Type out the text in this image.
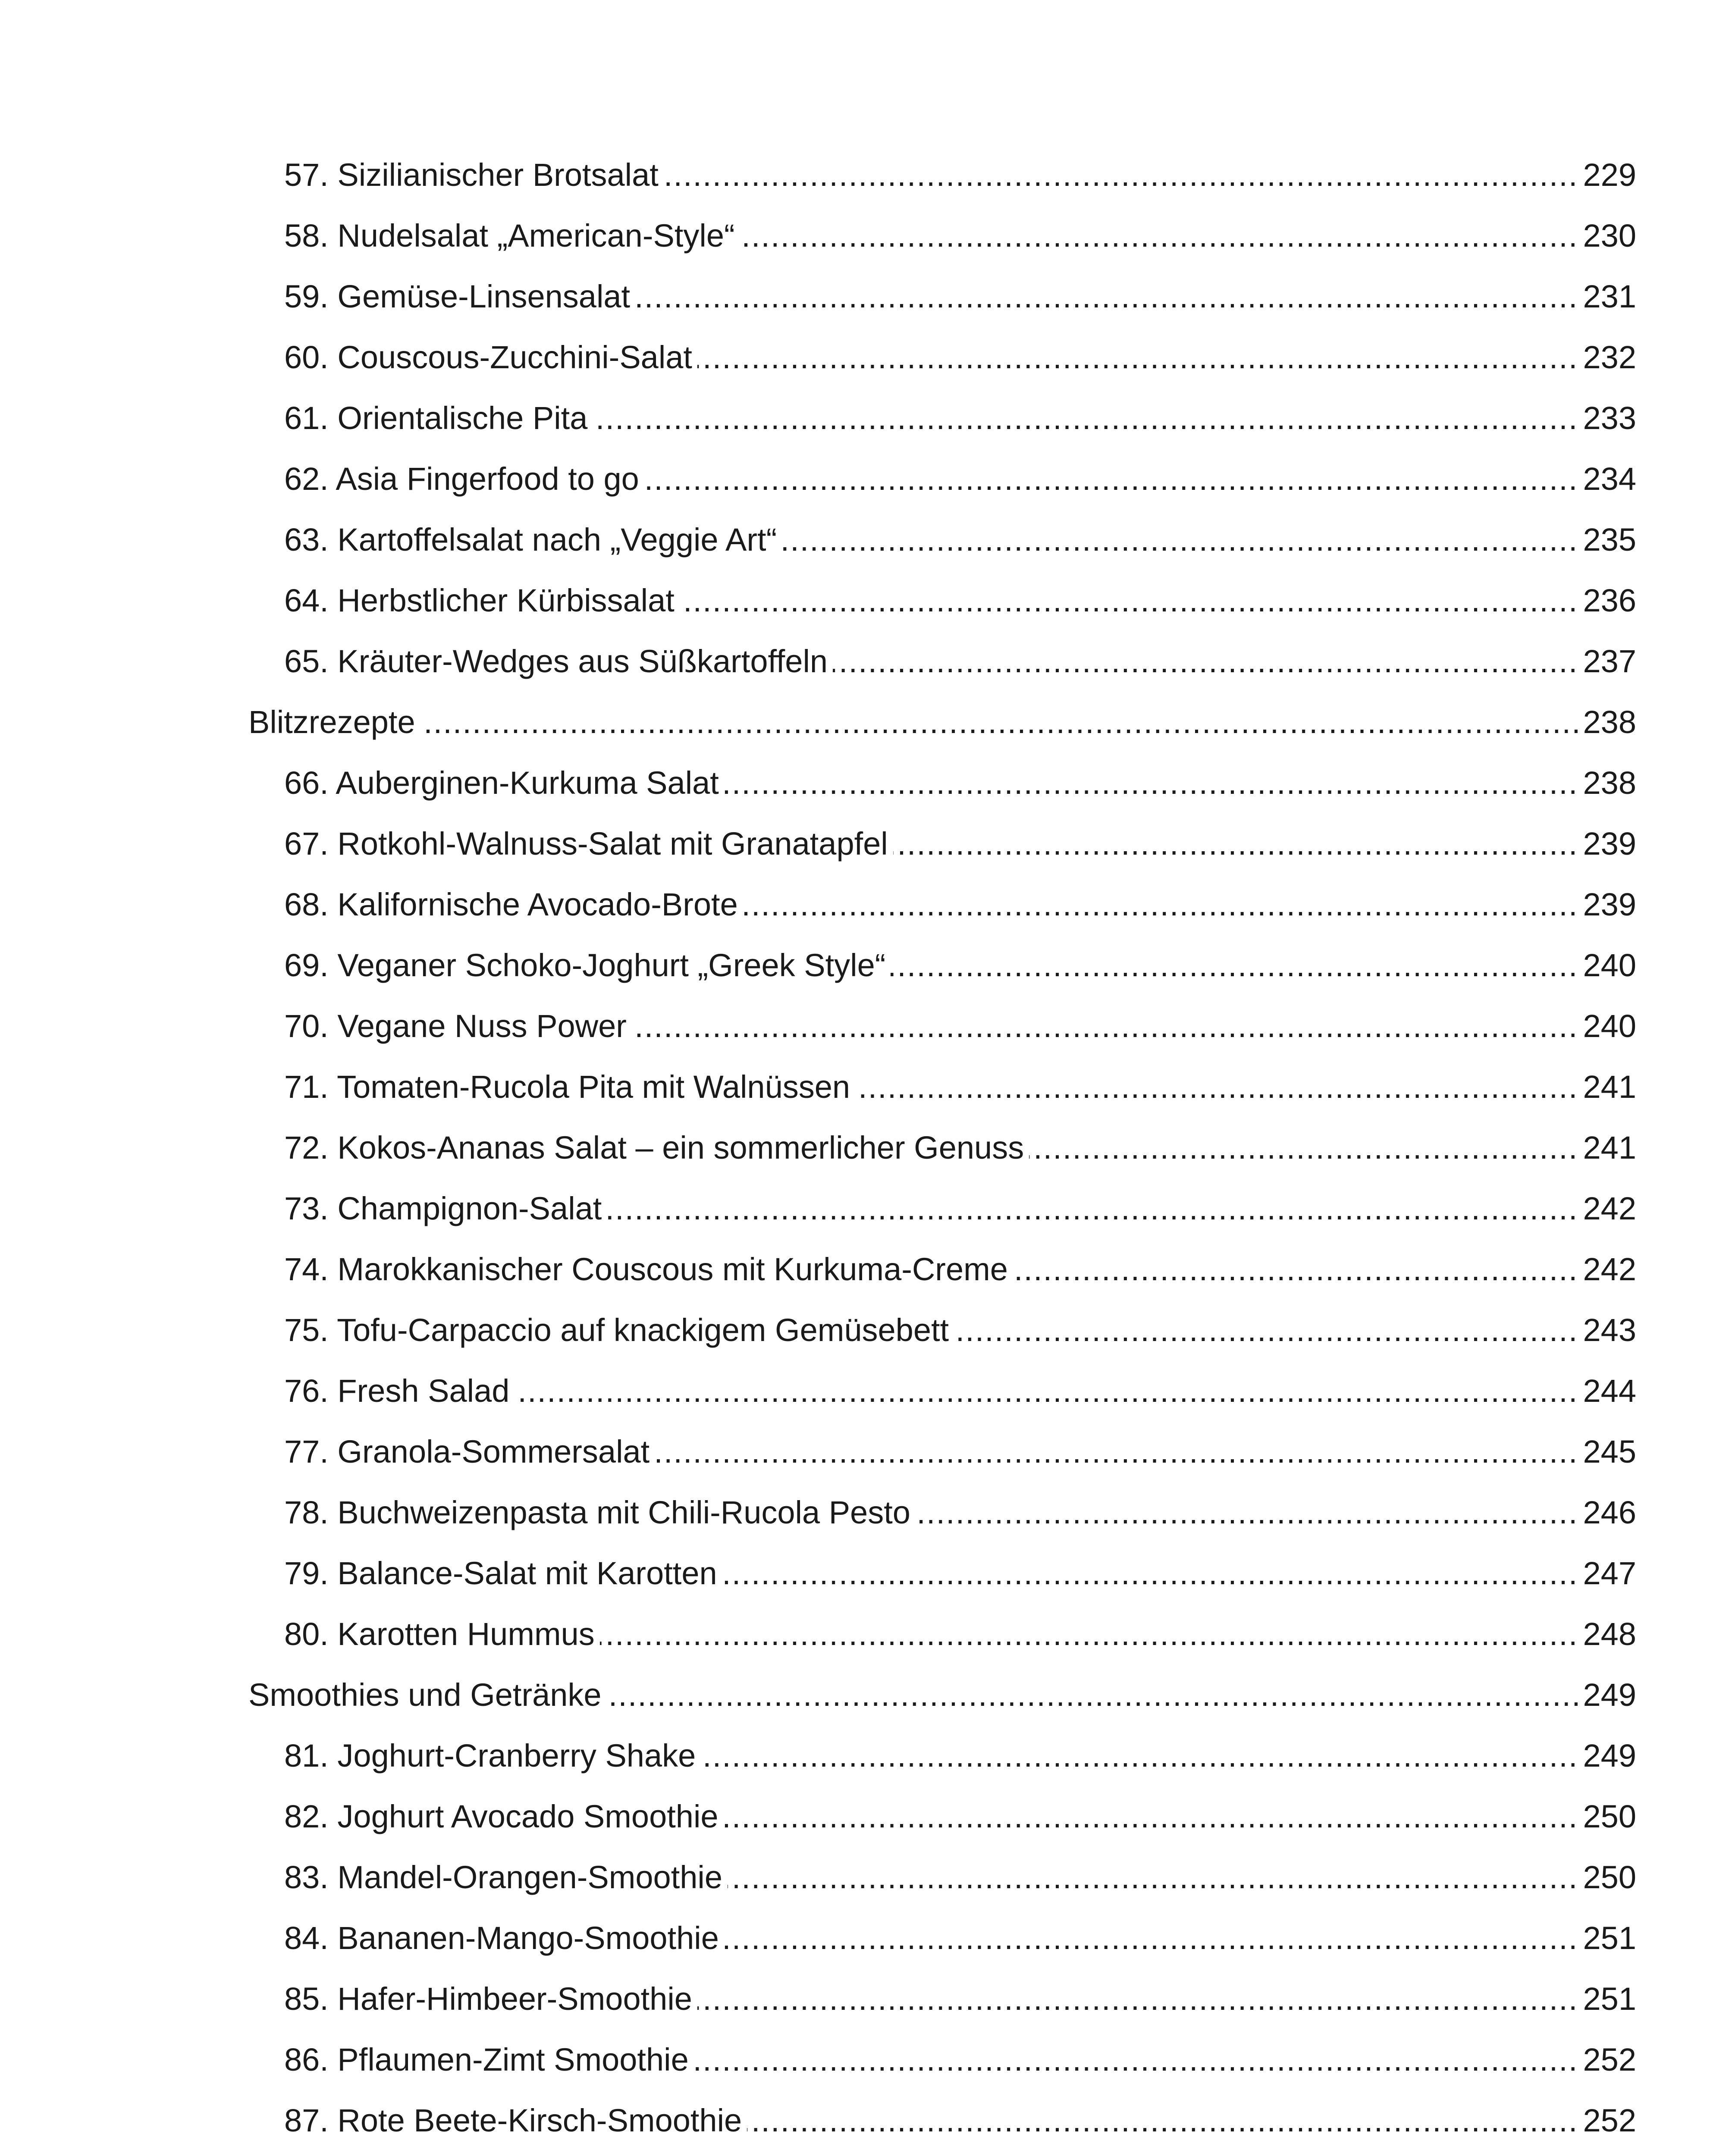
.....
57. Sizilianischer Brotsalat	229
.....
58. Nudelsalat „American-Style“	230
.....
59. Gemüse-Linsensalat	231
.....
60. Couscous-Zucchini-Salat	232
.....
61. Orientalische Pita	233
.....
62. Asia Fingerfood to go	234
.....
63. Kartoffelsalat nach „Veggie Art“	235
.....
64. Herbstlicher Kürbissalat	236
.....
65. Kräuter-Wedges aus Süßkartoffeln	237
.....
Blitzrezepte	238
.....
66. Auberginen-Kurkuma Salat	238
.....
67. Rotkohl-Walnuss-Salat mit Granatapfel	239
.....
68. Kalifornische Avocado-Brote	239
.....
69. Veganer Schoko-Joghurt „Greek Style“	240
.....
70. Vegane Nuss Power	240
.....
71. Tomaten-Rucola Pita mit Walnüssen	241
.....
72. Kokos-Ananas Salat – ein sommerlicher Genuss	241
.....
73. Champignon-Salat	242
.....
74. Marokkanischer Couscous mit Kurkuma-Creme	242
.....
75. Tofu-Carpaccio auf knackigem Gemüsebett	243
.....
76. Fresh Salad	244
.....
77. Granola-Sommersalat	245
.....
78. Buchweizenpasta mit Chili-Rucola Pesto	246
.....
79. Balance-Salat mit Karotten	247
.....
80. Karotten Hummus	248
.....
Smoothies und Getränke	249
.....
81. Joghurt-Cranberry Shake	249
.....
82. Joghurt Avocado Smoothie	250
.....
83. Mandel-Orangen-Smoothie	250
.....
84. Bananen-Mango-Smoothie	251
.....
85. Hafer-Himbeer-Smoothie	251
.....
86. Pflaumen-Zimt Smoothie	252
.....
87. Rote Beete-Kirsch-Smoothie	252
.....
